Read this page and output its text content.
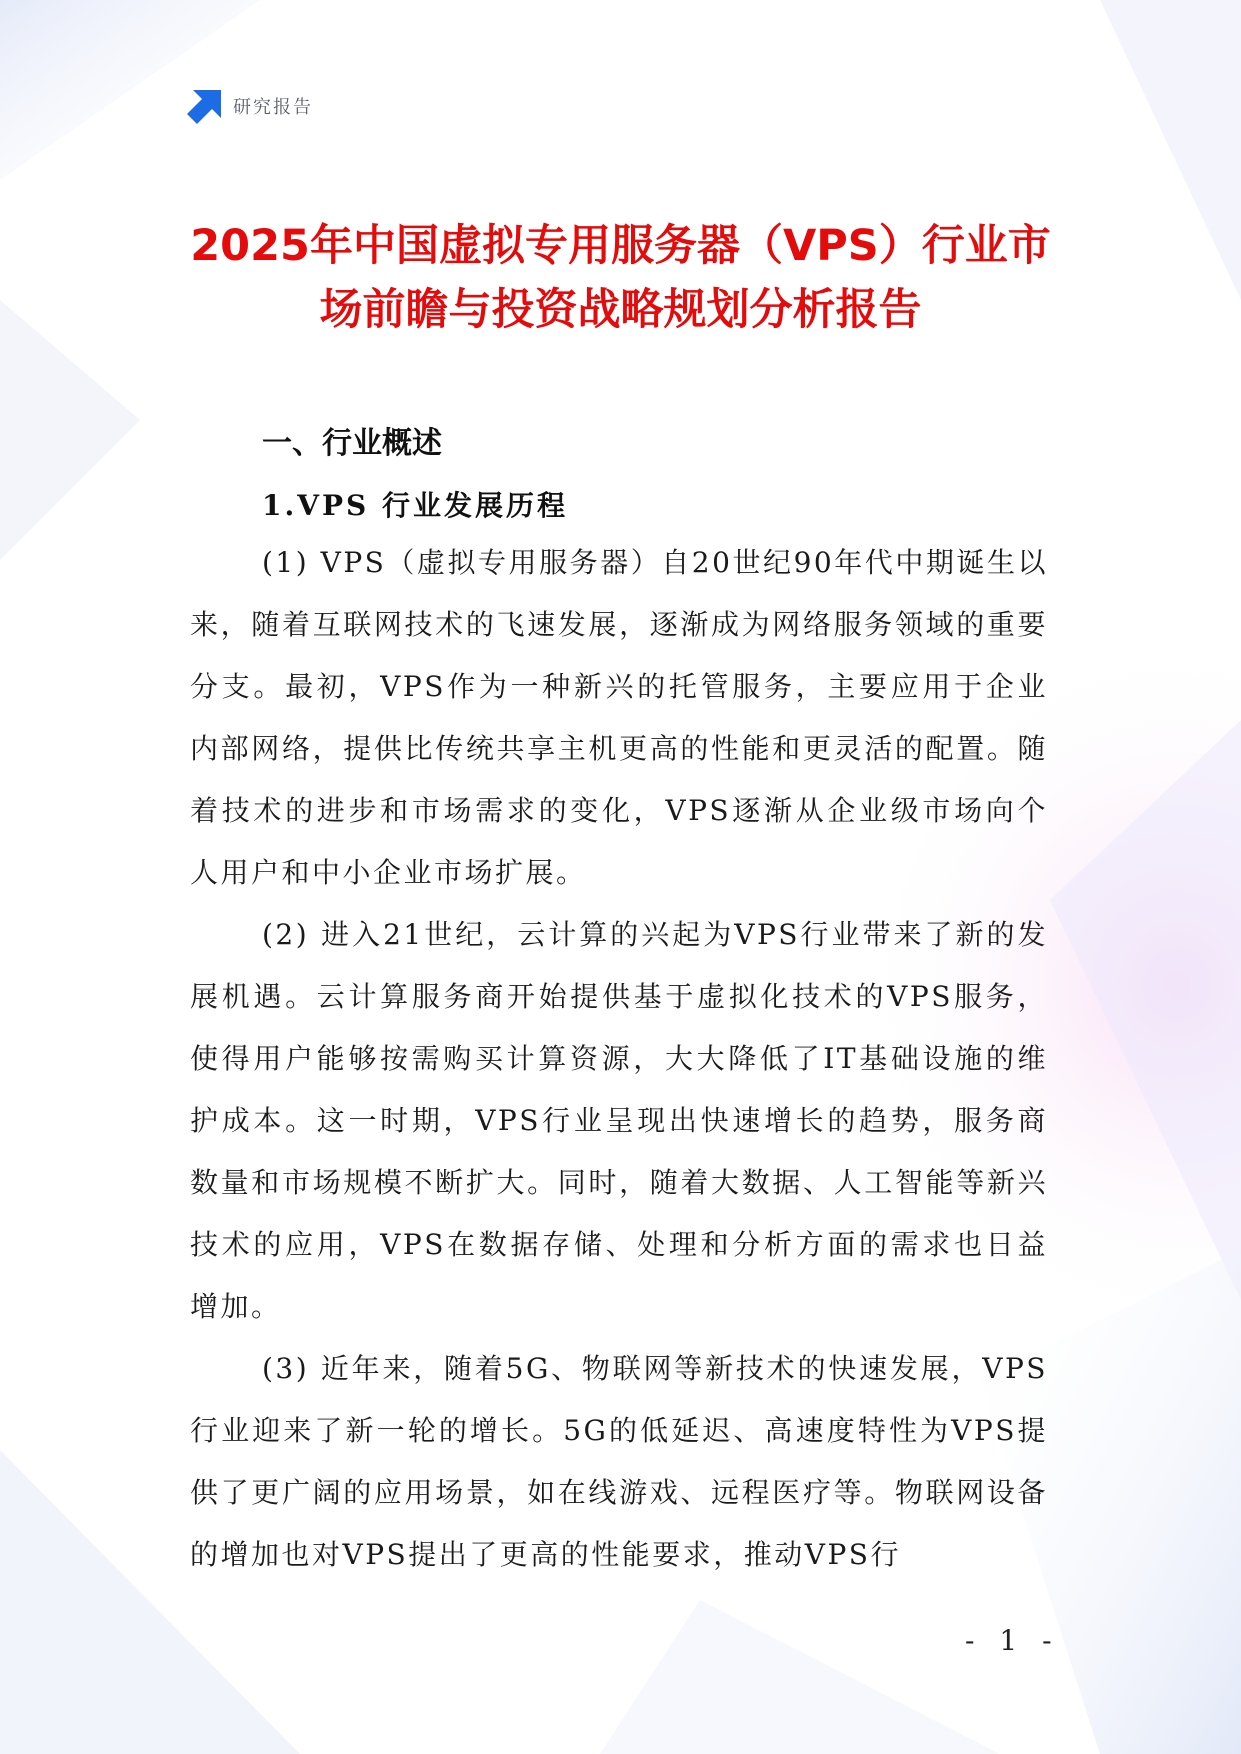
研究报告
2025年中国虚拟专用服务器（VPS）行业市
场前瞻与投资战略规划分析报告
一、行业概述
1.VPS 行业发展历程

(1) VPS（虚拟专用服务器）自20世纪90年代中期诞生以来，随着互联网技术的飞速发展，逐渐成为网络服务领域的重要分支。最初，VPS作为一种新兴的托管服务，主要应用于企业内部网络，提供比传统共享主机更高的性能和更灵活的配置。随着技术的进步和市场需求的变化，VPS逐渐从企业级市场向个人用户和中小企业市场扩展。

(2) 进入21世纪，云计算的兴起为VPS行业带来了新的发展机遇。云计算服务商开始提供基于虚拟化技术的VPS服务，使得用户能够按需购买计算资源，大大降低了IT基础设施的维护成本。这一时期，VPS行业呈现出快速增长的趋势，服务商数量和市场规模不断扩大。同时，随着大数据、人工智能等新兴技术的应用，VPS在数据存储、处理和分析方面的需求也日益增加。

(3) 近年来，随着5G、物联网等新技术的快速发展，VPS行业迎来了新一轮的增长。5G的低延迟、高速度特性为VPS提供了更广阔的应用场景，如在线游戏、远程医疗等。物联网设备的增加也对VPS提出了更高的性能要求，推动VPS行

- 1 -
